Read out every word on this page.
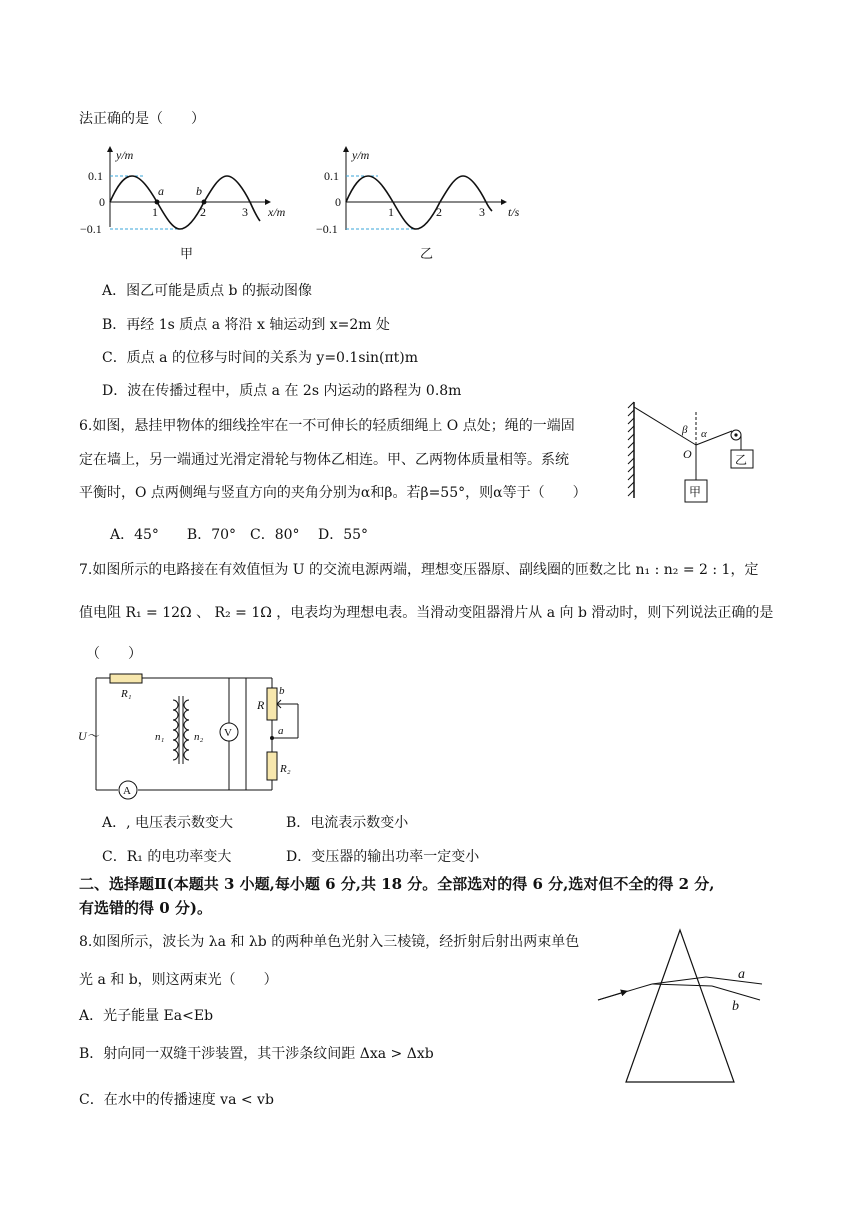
法正确的是（　　）
y/m
0.1
0
−0.1
1	2	3 x/m
a	b
甲
y/m
0.1
0
−0.1
1	2	3 t/s
乙
A．图乙可能是质点 b 的振动图像
B．再经 1s 质点 a 将沿 x 轴运动到 x=2m 处
C．质点 a 的位移与时间的关系为 y=0.1sin(πt)m
D．波在传播过程中，质点 a 在 2s 内运动的路程为 0.8m
6.如图，悬挂甲物体的细线拴牢在一不可伸长的轻质细绳上 O 点处；绳的一端固
定在墙上，另一端通过光滑定滑轮与物体乙相连。甲、乙两物体质量相等。系统
平衡时，O 点两侧绳与竖直方向的夹角分别为α和β。若β=55°，则α等于（　　）
A．45°　　B．70°　C．80°　 D．55°
β α
O	乙
甲
7.如图所示的电路接在有效值恒为 U 的交流电源两端，理想变压器原、副线圈的匝数之比 n₁ : n₂ = 2 : 1，定
值电阻 R₁ = 12Ω 、 R₂ = 1Ω ，电表均为理想电表。当滑动变阻器滑片从 a 向 b 滑动时，则下列说法正确的是
（　　）
U～
R₁
n₁	n₂ V
A
R
b
a
R₂
A．, 电压表示数变大	B．电流表示数变小
C．R₁ 的电功率变大	D．变压器的输出功率一定变小
二、选择题Ⅱ(本题共 3 小题,每小题 6 分,共 18 分。全部选对的得 6 分,选对但不全的得 2 分,
有选错的得 0 分)。
8.如图所示，波长为 λa 和 λb 的两种单色光射入三棱镜，经折射后射出两束单色
光 a 和 b，则这两束光（　　）
A．光子能量 Ea<Eb
B．射向同一双缝干涉装置，其干涉条纹间距 Δxa > Δxb
C．在水中的传播速度 va < vb
a
b
